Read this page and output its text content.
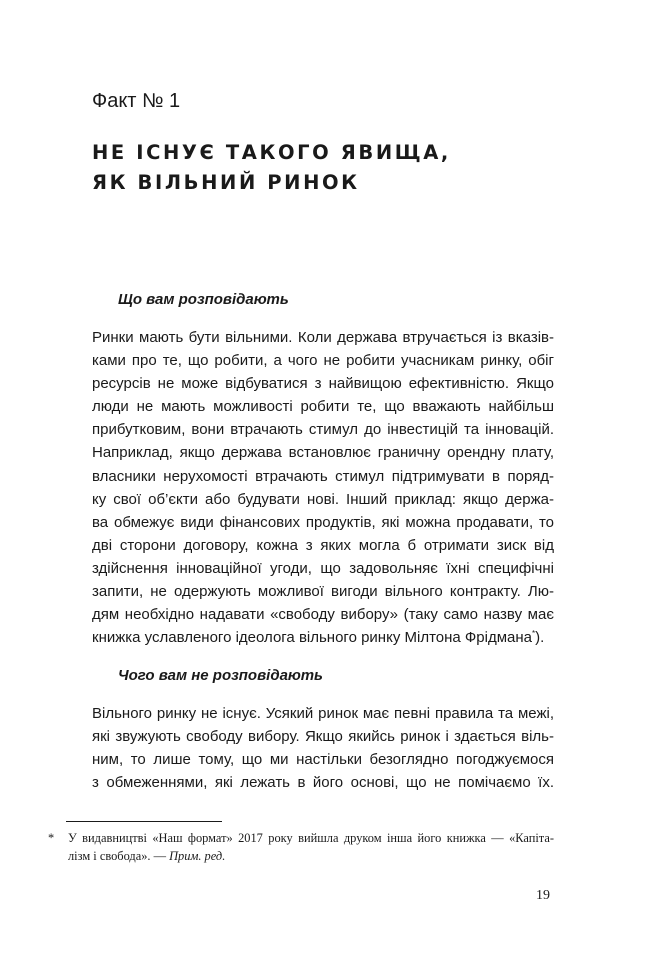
Факт № 1
НЕ ІСНУЄ ТАКОГО ЯВИЩА,
ЯК ВІЛЬНИЙ РИНОК
Що вам розповідають
Ринки мають бути вільними. Коли держава втручається із вказів-
ками про те, що робити, а чого не робити учасникам ринку, обіг
ресурсів не може відбуватися з найвищою ефективністю. Якщо
люди не мають можливості робити те, що вважають найбільш
прибутковим, вони втрачають стимул до інвестицій та інновацій.
Наприклад, якщо держава встановлює граничну орендну плату,
власники нерухомості втрачають стимул підтримувати в поряд-
ку свої об’єкти або будувати нові. Інший приклад: якщо держа-
ва обмежує види фінансових продуктів, які можна продавати, то
дві сторони договору, кожна з яких могла б отримати зиск від
здійснення інноваційної угоди, що задовольняє їхні специфічні
запити, не одержують можливої вигоди вільного контракту. Лю-
дям необхідно надавати «свободу вибору» (таку само назву має
книжка уславленого ідеолога вільного ринку Мілтона Фрідмана*).
Чого вам не розповідають
Вільного ринку не існує. Усякий ринок має певні правила та межі,
які звужують свободу вибору. Якщо якийсь ринок і здається віль-
ним, то лише тому, що ми настільки безоглядно погоджуємося
з обмеженнями, які лежать в його основі, що не помічаємо їх.
* У видавництві «Наш формат» 2017 року вийшла друком інша його книжка — «Капіта-
лізм і свобода». — Прим. ред.
19
